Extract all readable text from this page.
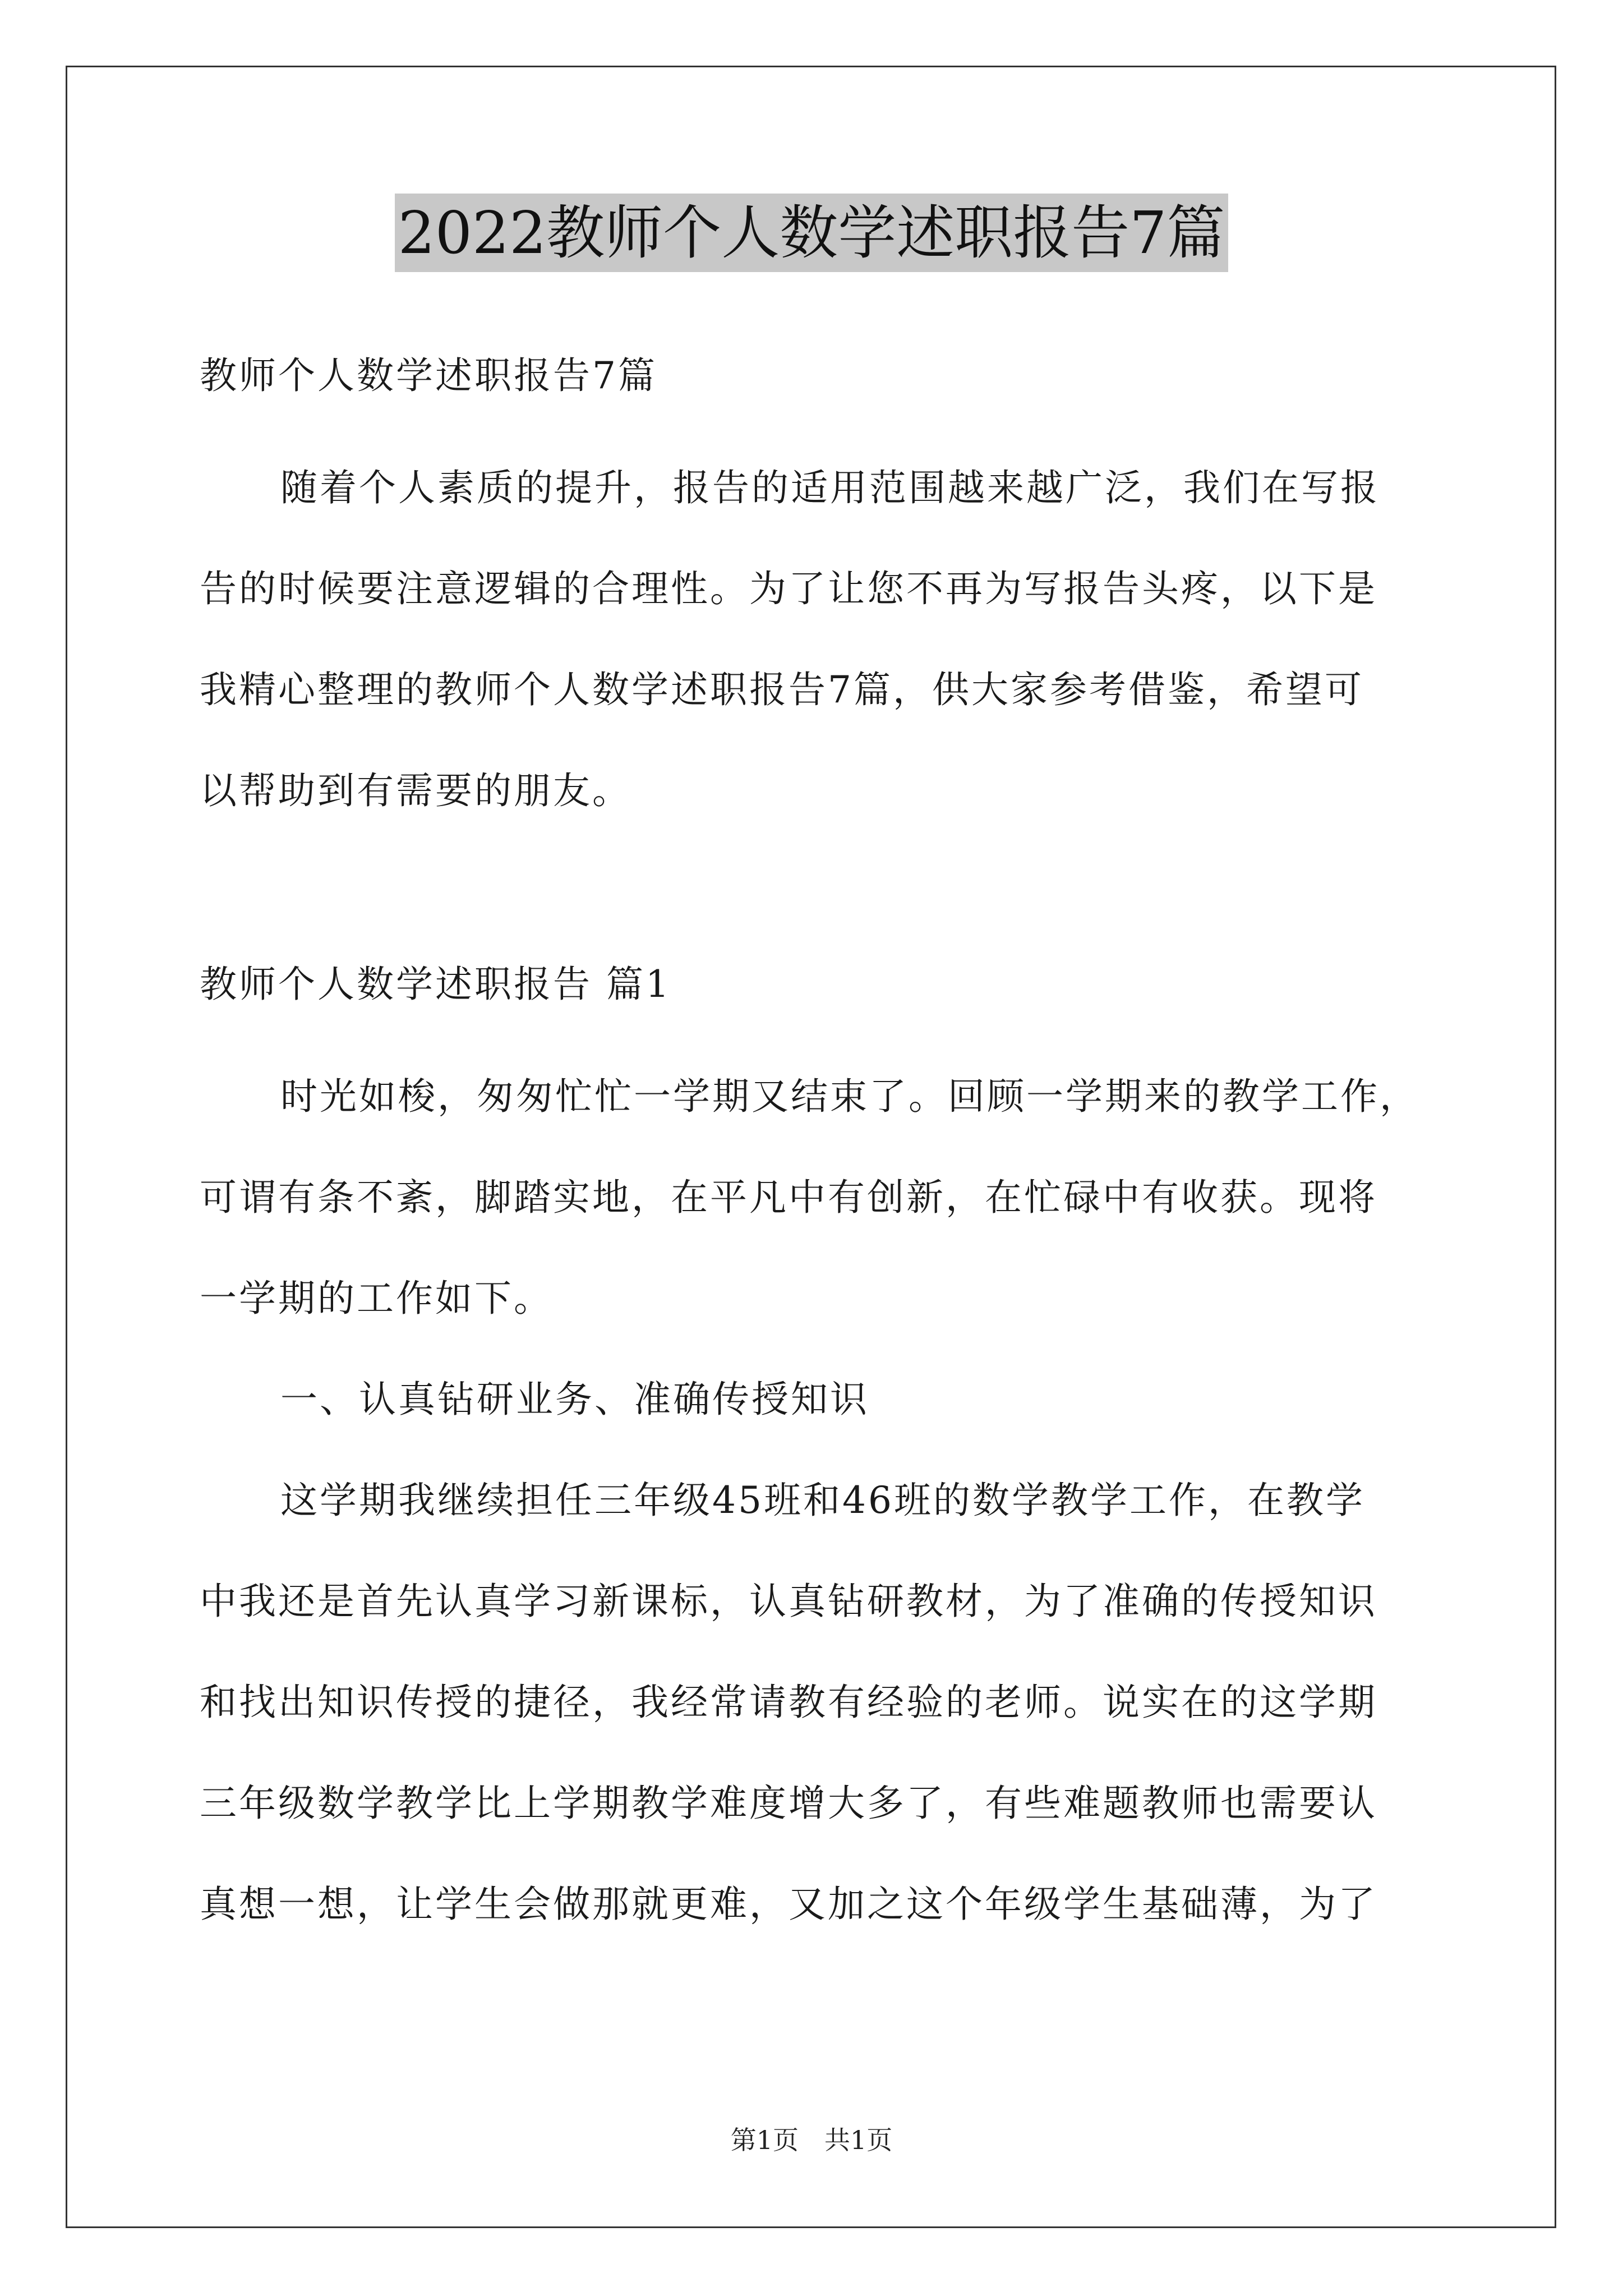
2022教师个人数学述职报告7篇
教师个人数学述职报告7篇
随着个人素质的提升，报告的适用范围越来越广泛，我们在写报
告的时候要注意逻辑的合理性。为了让您不再为写报告头疼，以下是
我精心整理的教师个人数学述职报告7篇，供大家参考借鉴，希望可
以帮助到有需要的朋友。
教师个人数学述职报告 篇1
时光如梭，匆匆忙忙一学期又结束了。回顾一学期来的教学工作，
可谓有条不紊，脚踏实地，在平凡中有创新，在忙碌中有收获。现将
一学期的工作如下。
一、认真钻研业务、准确传授知识
这学期我继续担任三年级45班和46班的数学教学工作，在教学
中我还是首先认真学习新课标，认真钻研教材，为了准确的传授知识
和找出知识传授的捷径，我经常请教有经验的老师。说实在的这学期
三年级数学教学比上学期教学难度增大多了，有些难题教师也需要认
真想一想，让学生会做那就更难，又加之这个年级学生基础薄，为了
第1页　共1页
